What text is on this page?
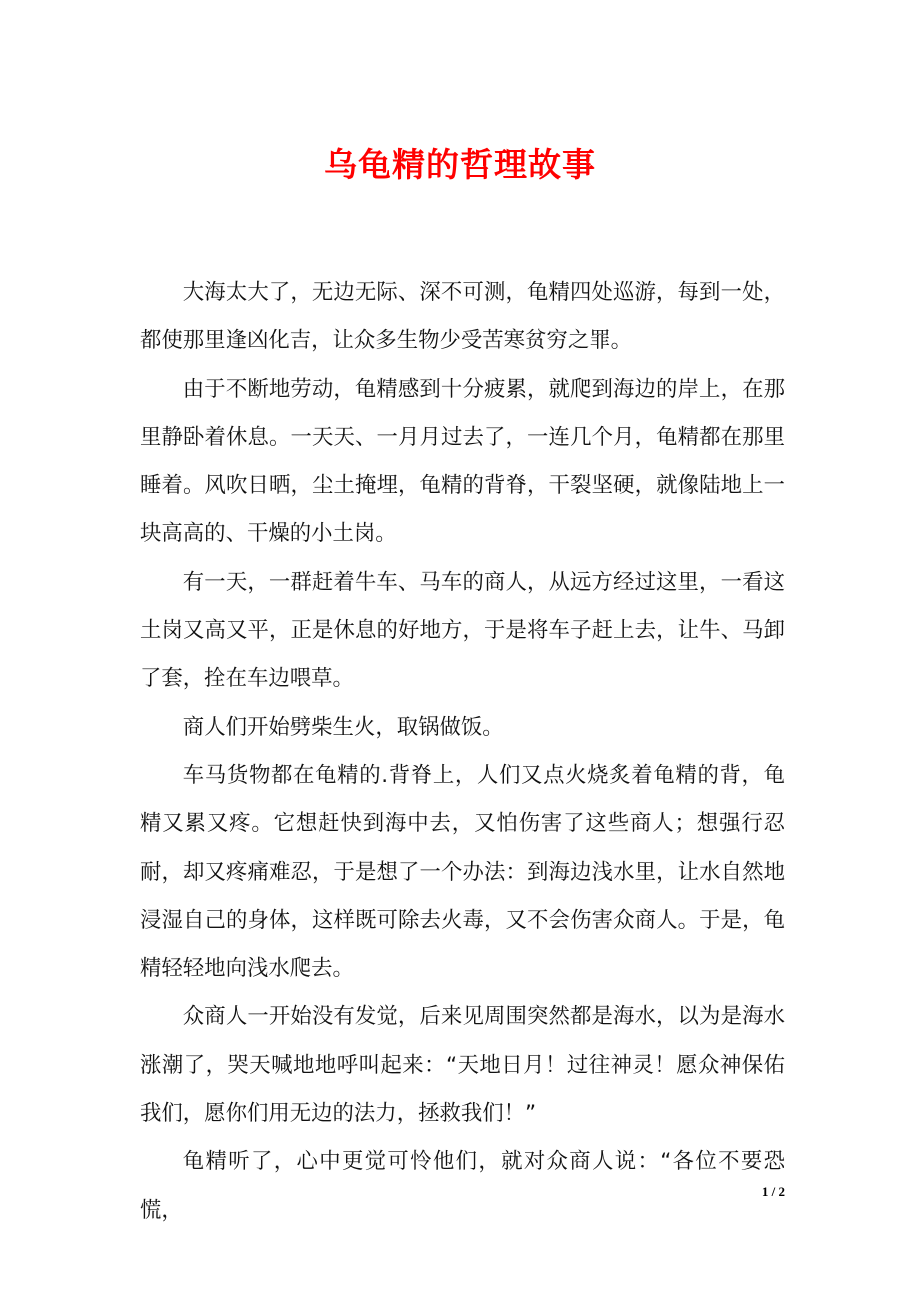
乌龟精的哲理故事

大海太大了，无边无际、深不可测，龟精四处巡游，每到一处，都使那里逢凶化吉，让众多生物少受苦寒贫穷之罪。

由于不断地劳动，龟精感到十分疲累，就爬到海边的岸上，在那里静卧着休息。一天天、一月月过去了，一连几个月，龟精都在那里睡着。风吹日晒，尘土掩埋，龟精的背脊，干裂坚硬，就像陆地上一块高高的、干燥的小土岗。

有一天，一群赶着牛车、马车的商人，从远方经过这里，一看这土岗又高又平，正是休息的好地方，于是将车子赶上去，让牛、马卸了套，拴在车边喂草。

商人们开始劈柴生火，取锅做饭。

车马货物都在龟精的.背脊上，人们又点火烧炙着龟精的背，龟精又累又疼。它想赶快到海中去，又怕伤害了这些商人；想强行忍耐，却又疼痛难忍，于是想了一个办法：到海边浅水里，让水自然地浸湿自己的身体，这样既可除去火毒，又不会伤害众商人。于是，龟精轻轻地向浅水爬去。

众商人一开始没有发觉，后来见周围突然都是海水，以为是海水涨潮了，哭天喊地地呼叫起来：“天地日月！过往神灵！愿众神保佑我们，愿你们用无边的法力，拯救我们！”

龟精听了，心中更觉可怜他们，就对众商人说：“各位不要恐慌，

1 / 2
